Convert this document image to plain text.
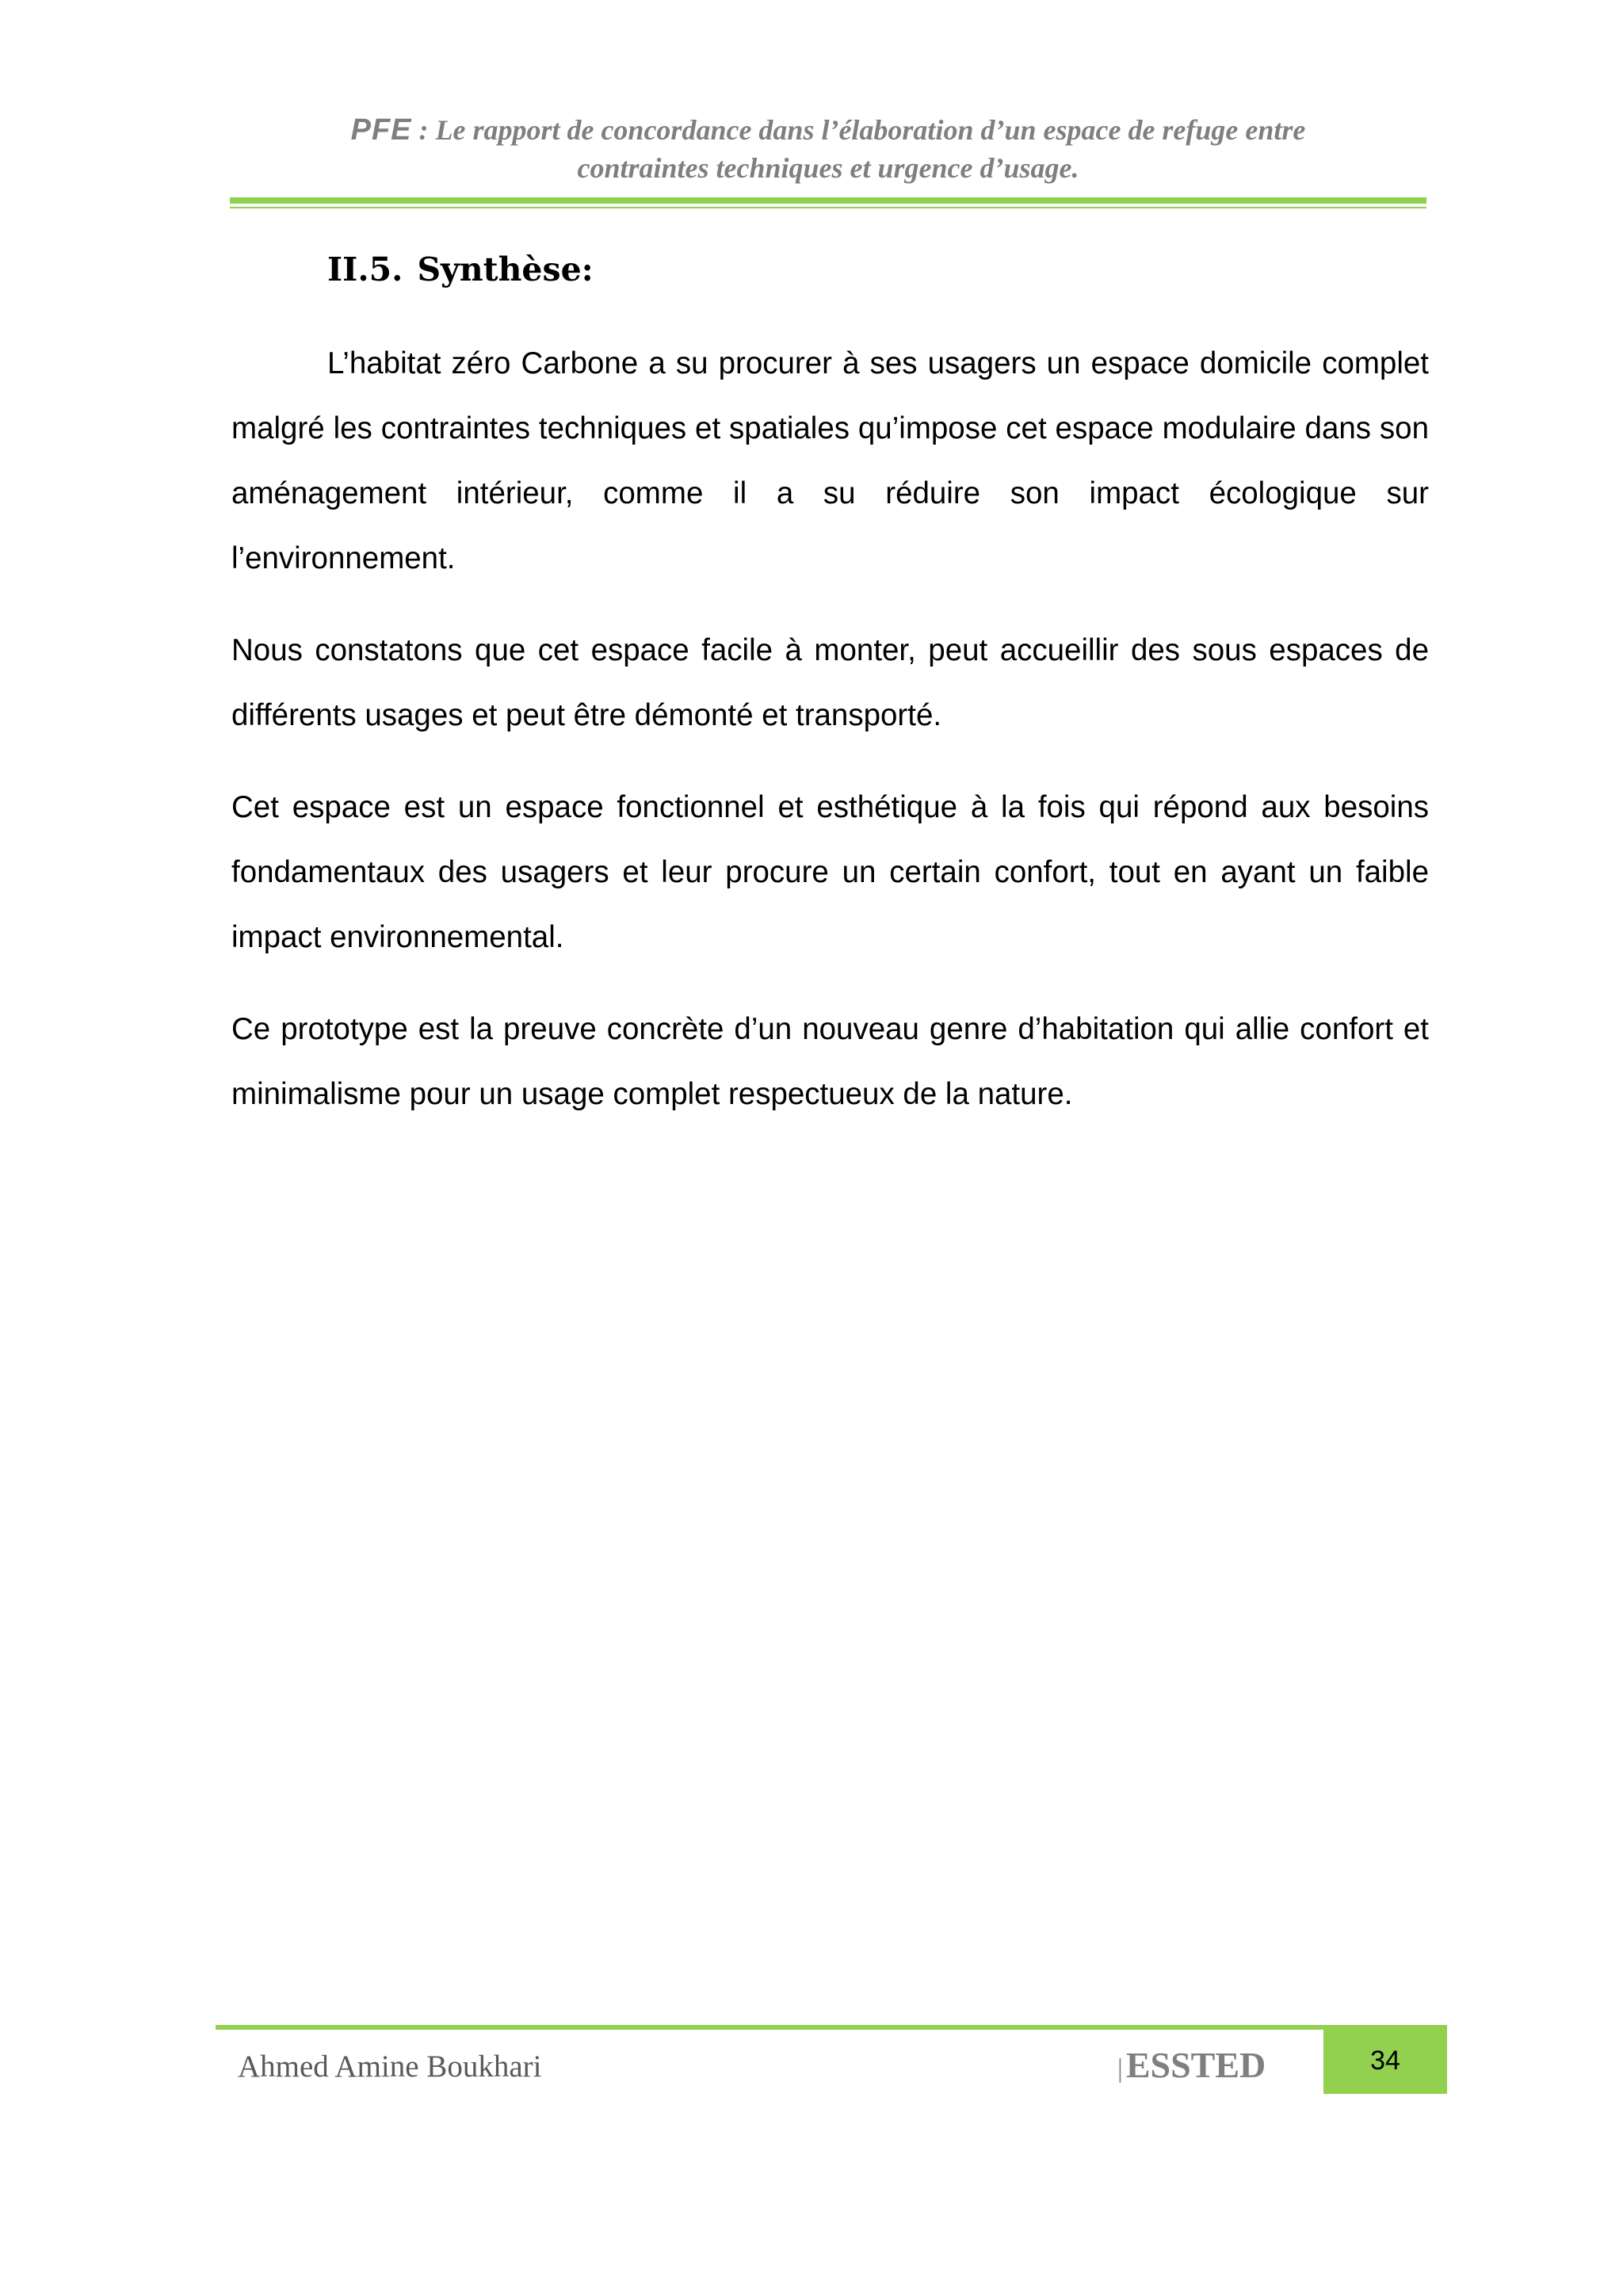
PFE : Le rapport de concordance dans l’élaboration d’un espace de refuge entre
contraintes techniques et urgence d’usage.
II.5. Synthèse:

L’habitat zéro Carbone a su procurer à ses usagers un espace domicile complet malgré les contraintes techniques et spatiales qu’impose cet espace modulaire dans son aménagement intérieur, comme il a su réduire son impact écologique sur l’environnement.

Nous constatons que cet espace facile à monter, peut accueillir des sous espaces de différents usages et peut être démonté et transporté.

Cet espace est un espace fonctionnel et esthétique à la fois qui répond aux besoins fondamentaux des usagers et leur procure un certain confort, tout en ayant un faible impact environnemental.

Ce prototype est la preuve concrète d’un nouveau genre d’habitation qui allie confort et minimalisme pour un usage complet respectueux de la nature.

Ahmed Amine Boukhari	|ESSTED	34
